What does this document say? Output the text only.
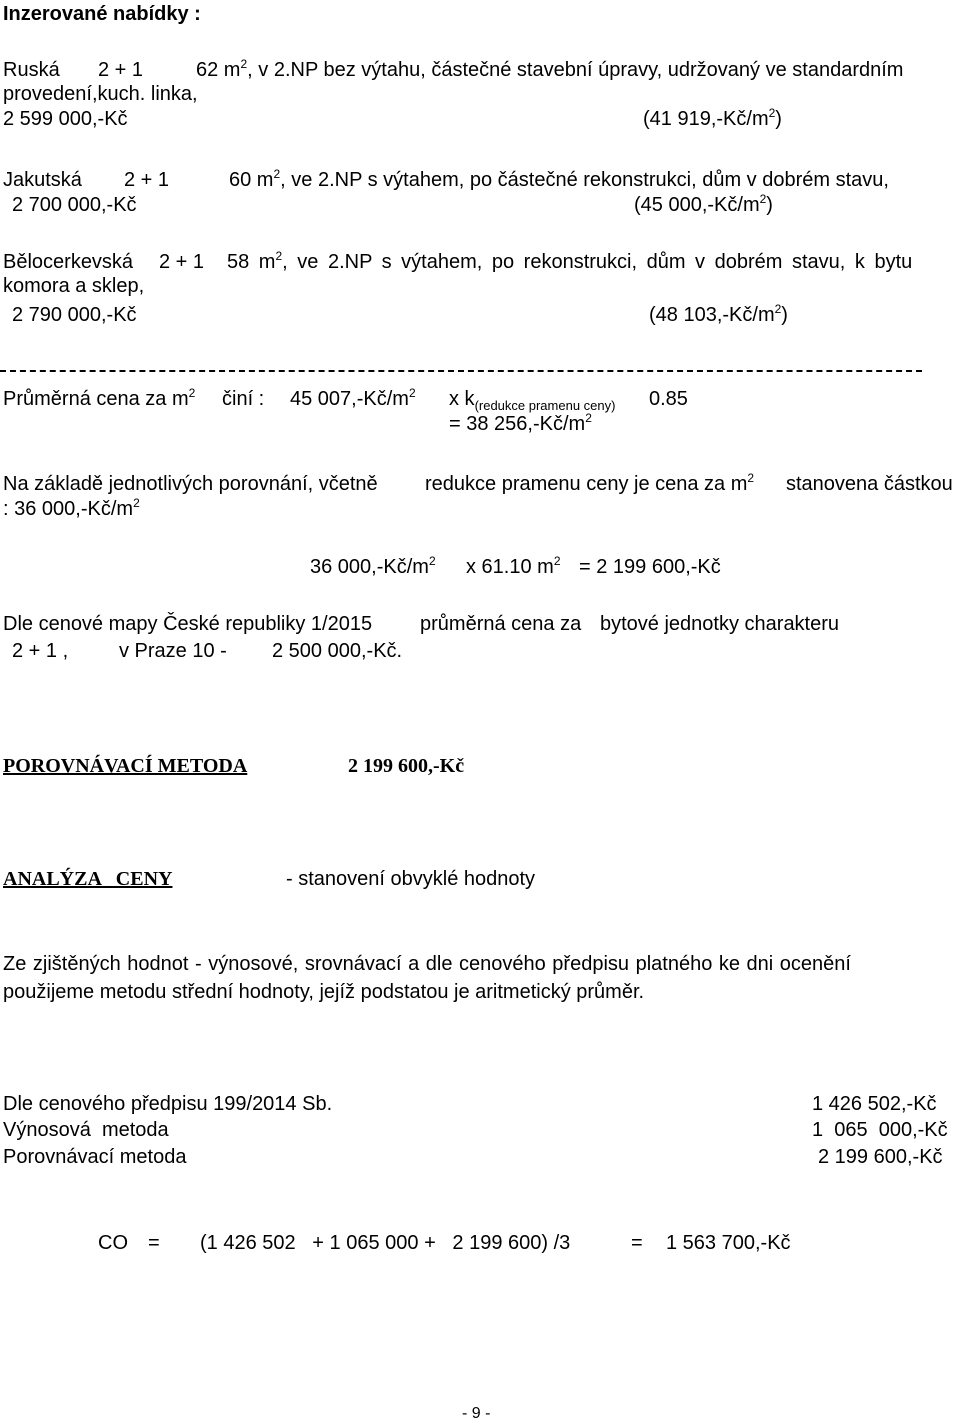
Inzerované nabídky :

Ruská 2 + 1	62 $m^2$, v 2.NP bez výtahu, částečné stavební úpravy, udržovaný ve standardním

provedení,kuch. linka,

2 599 000,-Kč	(41 $919,-Kč/m^2$)

Jakutská 2 + 1	60 $m^2$, ve 2.NP s výtahem, po částečné rekonstrukci, dům v dobrém stavu,

2 700 000,-Kč	(45 $000,-Kč/m^2$)

Bělocerkevská 2 + 1 58 $m^2$, ve 2.NP s výtahem, po rekonstrukci, dům v dobrém stavu, k bytu

komora a sklep,

2 790 000,-Kč	(48 $103,-Kč/m^2$)

Průměrná cena za $m^2$ činí : 45 $007,-Kč/m^2$ x $k_{(redukce pramenu ceny)}$ 0.85

= 38 $256,-Kč/m^2$

Na základě jednotlivých porovnání, včetně redukce pramenu ceny je cena za $m^2$ stanovena částkou

: 36 $000,-Kč/m^2$

36 $000,-Kč/m^2$ x 61.10 $m^2 = 2$ 199 600,-Kč

Dle cenové mapy České republiky 1/2015 průměrná cena za bytové jednotky charakteru

2 + 1 ,	v Praze 10 - 2 500 000,-Kč.

POROVNÁVACÍ METODA	2 199 600,-Kč

ANALÝZA   CENY	- stanovení obvyklé hodnoty

Ze zjištěných hodnot - výnosové, srovnávací a dle cenového předpisu platného ke dni ocenění

použijeme metodu střední hodnoty, jejíž podstatou je aritmetický průměr.

Dle cenového předpisu 199/2014 Sb.	1 426 502,-Kč

Výnosová  metoda	1  065  000,-Kč

Porovnávací metoda	2 199 600,-Kč

CO = (1 426 502   + 1 065 000 +   2 199 600) /3	= 1 563 700,-Kč

- 9 -
